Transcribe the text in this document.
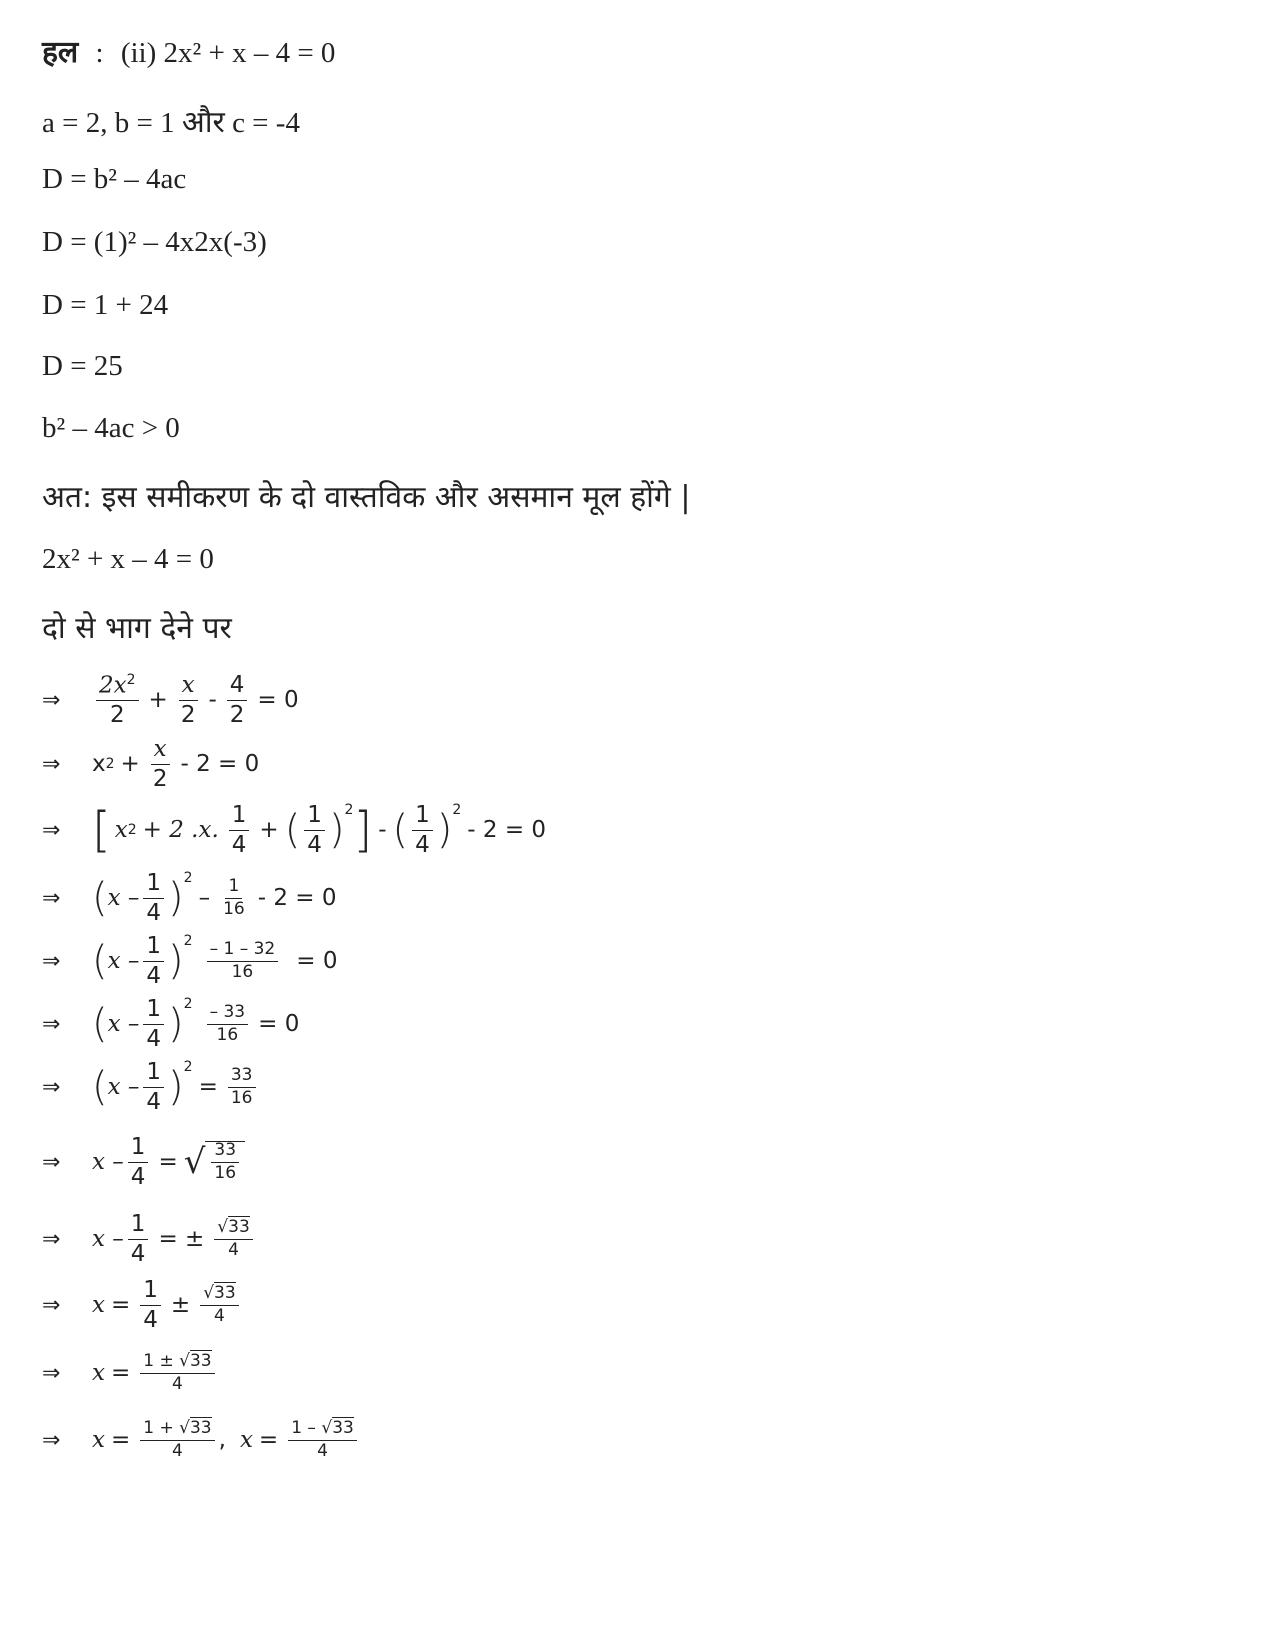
हल : (ii) 2x² + x – 4 = 0
a = 2, b = 1 और c = -4
D = b² – 4ac
D = (1)² – 4x2x(-3)
D = 1 + 24
D = 25
b² – 4ac > 0
अत: इस समीकरण के दो वास्तविक और असमान मूल होंगे |
2x² + x – 4 = 0
दो से भाग देने पर
⇒	$\frac{2x^2}{2} + \frac{x}{2} - \frac{4}{2} = 0$
⇒	x $2 + \frac{x}{2} - 2 = 0$
⇒ [ x 2 + 2 .x. $\frac{1}{4}$ + ( $\frac{1}{4} )^2$ ] - ( $\frac{1}{4} )^2$
- 2 = 0
⇒ ( x – $\frac{1}{4} )^2$
– $\frac{1}{16} - 2 = 0$
⇒ ( $x - \frac{1}{4} )^2 \frac{- 1 - 32}{16} = 0$
⇒ ( $x - \frac{1}{4} )^2 \frac{- 33}{16} = 0$
⇒ ( x – $\frac{1}{4} )^2$
= $\frac{33}{16}$
⇒	x – $\frac{1}{4}$ = √ $\frac{33}{16}$
⇒	x – $\frac{1}{4}$ = ± $\frac{√33}{4}$
⇒	$x = \frac{1}{4} \pm \frac{√33}{4}$
⇒	$x = \frac{1 \pm √33}{4}$
⇒	$x = \frac{1 + √33}{4}$ , $x = \frac{1 - √33}{4}$
